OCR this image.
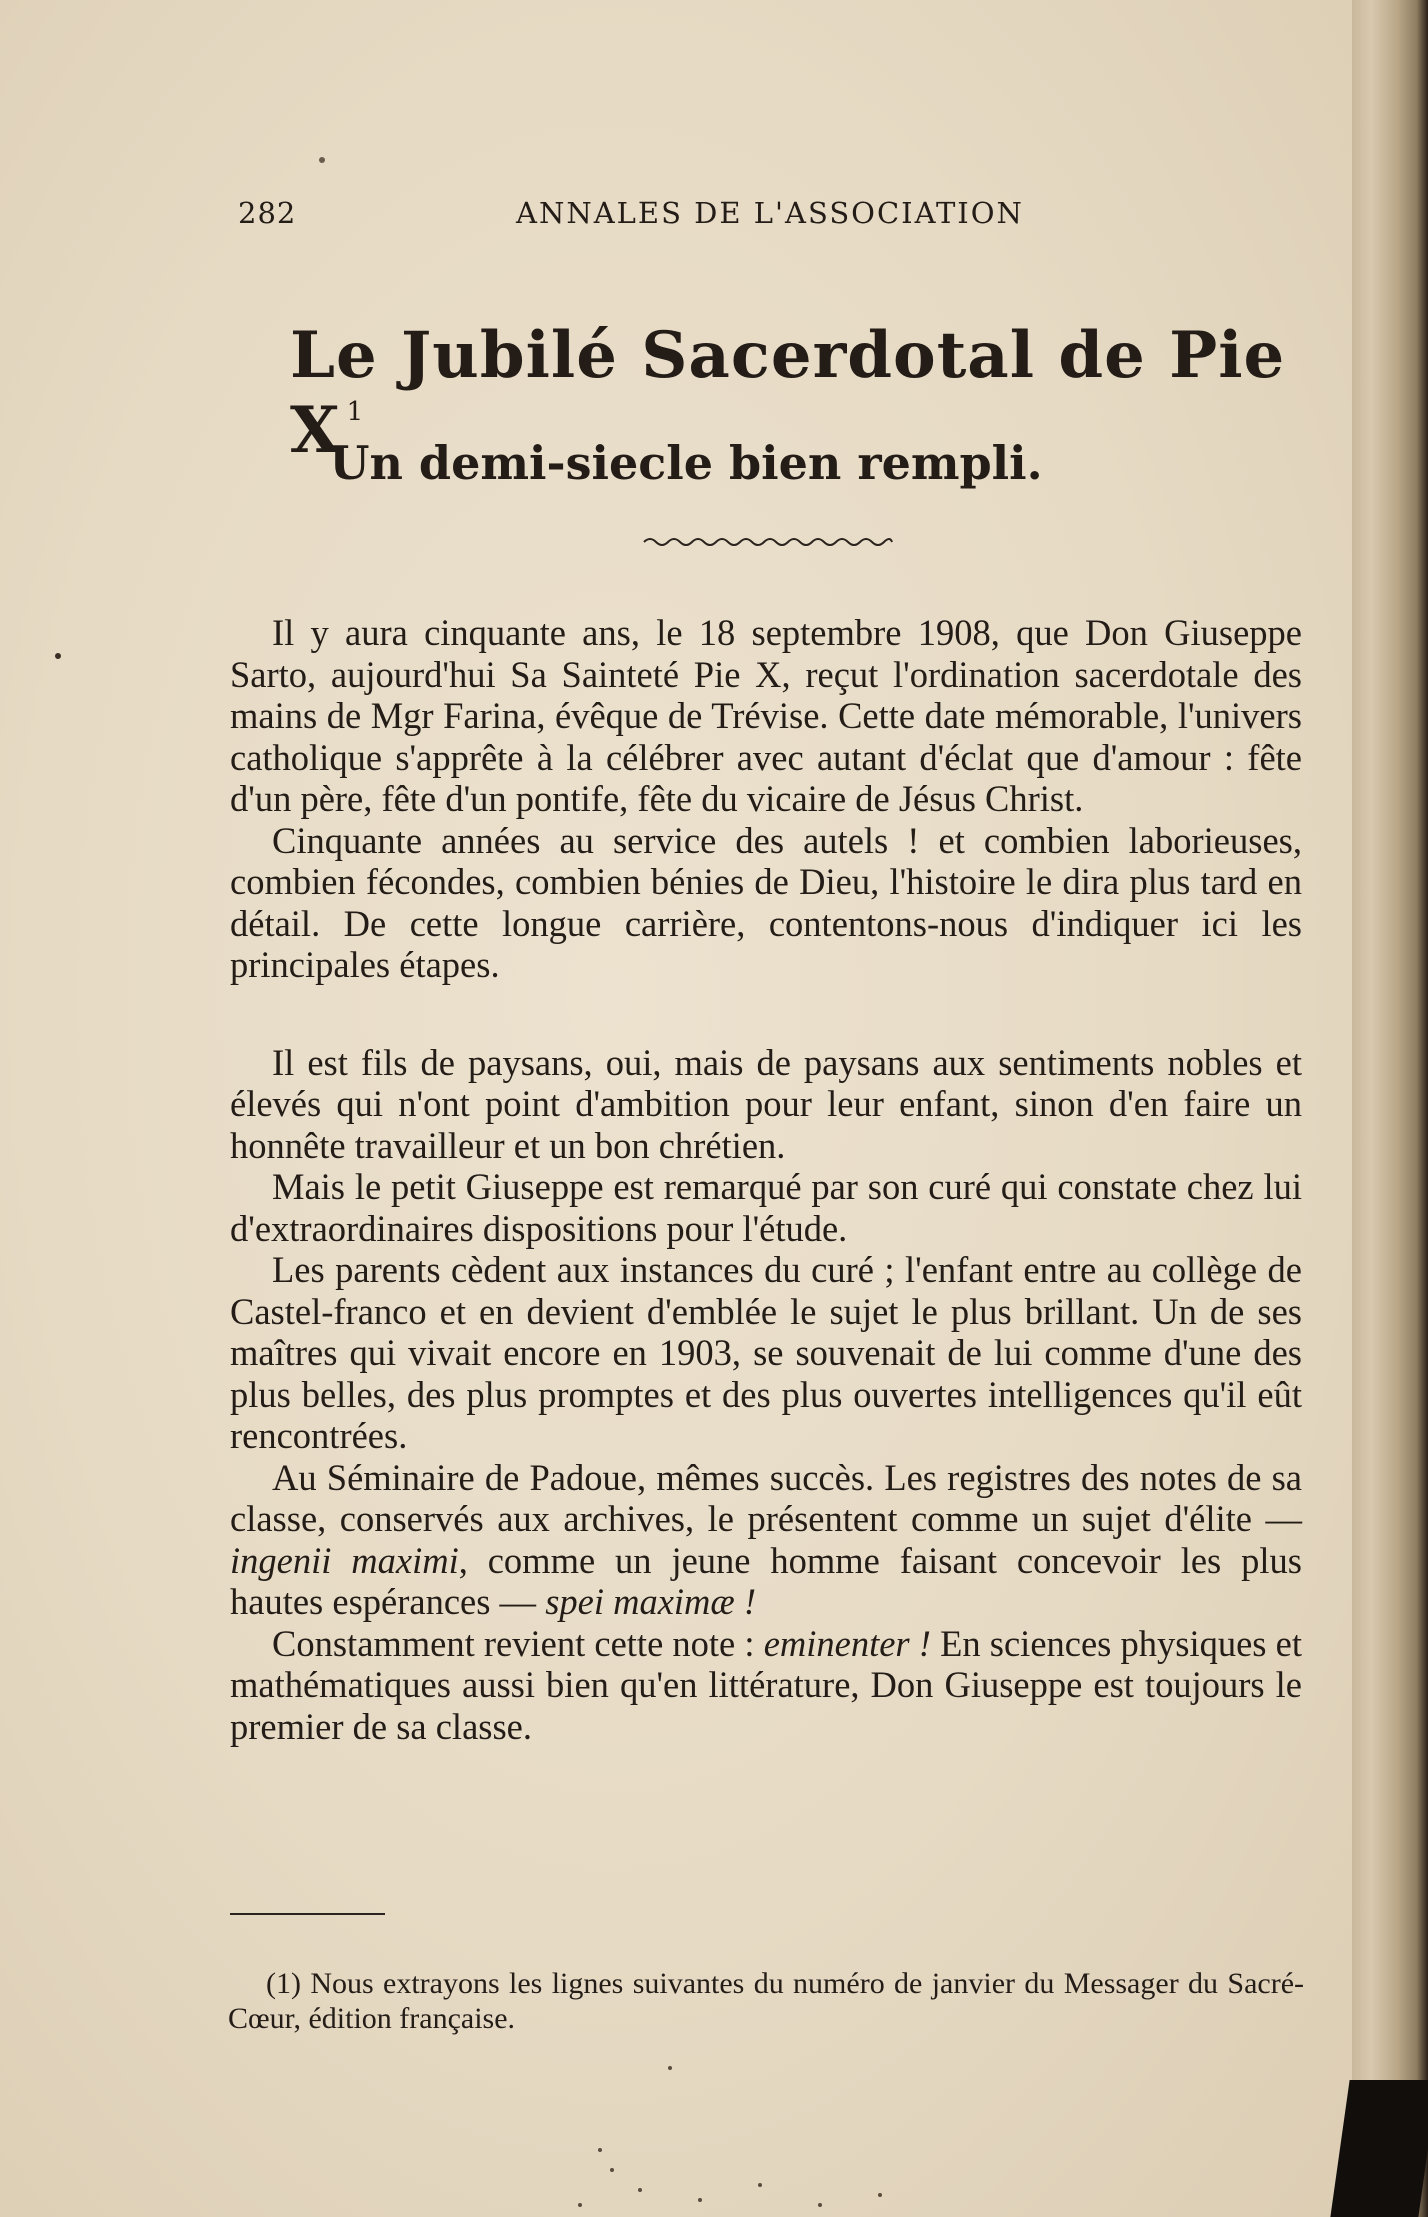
282	ANNALES DE L'ASSOCIATION
Le Jubilé Sacerdotal de Pie X $^1$
Un demi-siecle bien rempli.

Il y aura cinquante ans, le 18 septembre 1908, que Don Giuseppe Sarto, aujourd'hui Sa Sainteté Pie X, reçut l'ordination sacerdotale des mains de Mgr Farina, évêque de Trévise. Cette date mémorable, l'univers catholique s'apprête à la célébrer avec autant d'éclat que d'amour : fête d'un père, fête d'un pontife, fête du vicaire de Jésus Christ.

Cinquante années au service des autels ! et combien laborieuses, combien fécondes, combien bénies de Dieu, l'histoire le dira plus tard en détail. De cette longue carrière, contentons-nous d'indiquer ici les principales étapes.

Il est fils de paysans, oui, mais de paysans aux sentiments nobles et élevés qui n'ont point d'ambition pour leur enfant, sinon d'en faire un honnête travailleur et un bon chrétien.

Mais le petit Giuseppe est remarqué par son curé qui constate chez lui d'extraordinaires dispositions pour l'étude.

Les parents cèdent aux instances du curé ; l'enfant entre au collège de Castel-franco et en devient d'emblée le sujet le plus brillant. Un de ses maîtres qui vivait encore en 1903, se souvenait de lui comme d'une des plus belles, des plus promptes et des plus ouvertes intelligences qu'il eût rencontrées.

Au Séminaire de Padoue, mêmes succès. Les registres des notes de sa classe, conservés aux archives, le présentent comme un sujet d'élite — ingenii maximi, comme un jeune homme faisant concevoir les plus hautes espérances — spei maximæ !

Constamment revient cette note : eminenter ! En sciences physiques et mathématiques aussi bien qu'en littérature, Don Giuseppe est toujours le premier de sa classe.

(1) Nous extrayons les lignes suivantes du numéro de janvier du Messager du Sacré-Cœur, édition française.
